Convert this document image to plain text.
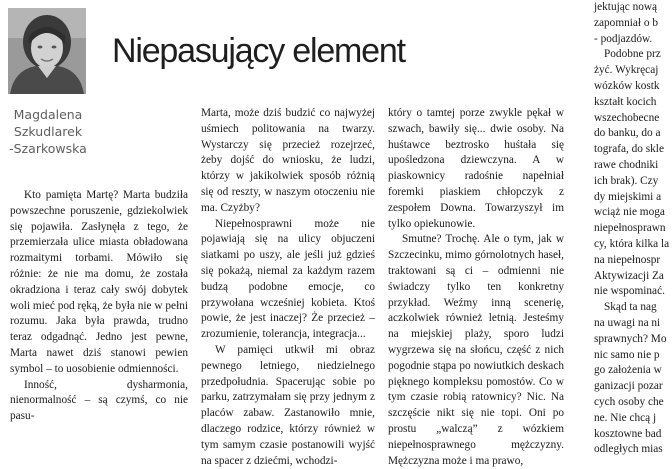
Magdalena
Szkudlarek
-Szarkowska
Niepasujący element

Kto pamięta Martę? Marta budziła powszechne poruszenie, gdziekolwiek się pojawiła. Zasłynęła z tego, że przemierzała ulice miasta obładowana rozmaitymi torbami. Mówiło się różnie: że nie ma domu, że została okradziona i teraz cały swój dobytek woli mieć pod ręką, że była nie w pełni rozumu. Jaka była prawda, trudno teraz odgadnąć. Jedno jest pewne, Marta nawet dziś stanowi pewien symbol – to uosobienie odmienności.

Inność, dysharmonia, nienormalność – są czymś, co nie pasu-

Marta, może dziś budzić co najwyżej uśmiech politowania na twarzy. Wystarczy się przecież rozejrzeć, żeby dojść do wniosku, że ludzi, którzy w jakikolwiek sposób różnią się od reszty, w naszym otoczeniu nie ma. Czyżby?

Niepełnosprawni może nie pojawiają się na ulicy objuczeni siatkami po uszy, ale jeśli już gdzieś się pokażą, niemal za każdym razem budzą podobne emocje, co przywołana wcześniej kobieta. Ktoś powie, że jest inaczej? Że przecież – zrozumienie, tolerancja, integracja...

W pamięci utkwił mi obraz pewnego letniego, niedzielnego przedpołudnia. Spacerując sobie po parku, zatrzymałam się przy jednym z placów zabaw. Zastanowiło mnie, dlaczego rodzice, którzy również w tym samym czasie postanowili wyjść na spacer z dziećmi, wchodzi-

który o tamtej porze zwykle pękał w szwach, bawiły się... dwie osoby. Na huśtawce beztrosko huśtała się upośledzona dziewczyna. A w piaskownicy radośnie napełniał foremki piaskiem chłopczyk z zespołem Downa. Towarzyszył im tylko opiekunowie.

Smutne? Trochę. Ale o tym, jak w Szczecinku, mimo górnolotnych haseł, traktowani są ci – odmienni nie świadczy tylko ten konkretny przykład. Weźmy inną scenerię, aczkolwiek również letnią. Jesteśmy na miejskiej plaży, sporo ludzi wygrzewa się na słońcu, część z nich pogodnie stąpa po nowiutkich deskach pięknego kompleksu pomostów. Co w tym czasie robią ratownicy? Nic. Na szczęście nikt się nie topi. Oni po prostu „walczą” z wózkiem niepełnosprawnego mężczyzny. Mężczyzna może i ma prawo,

jektując nową

zapomniał o b

- podjazdów.

Podobne prz

żyć. Wykręcaj

wózków kostk

kształt kocich

wszechobecne

do banku, do a

tografa, do skle

rawe chodniki

ich brak). Czy

dy miejskimi a

wciąż nie moga

niepełnosprawn

cy, która kilka la

na niepełnospr

Aktywizacji Za

nie wspominać.

Skąd ta nag

na uwagi na ni

sprawnych? Mo

nic samo nie p

go założenia w

ganizacji pozar

cych osoby che

ne. Nie chcą j

kosztowne bad

odległych mias
